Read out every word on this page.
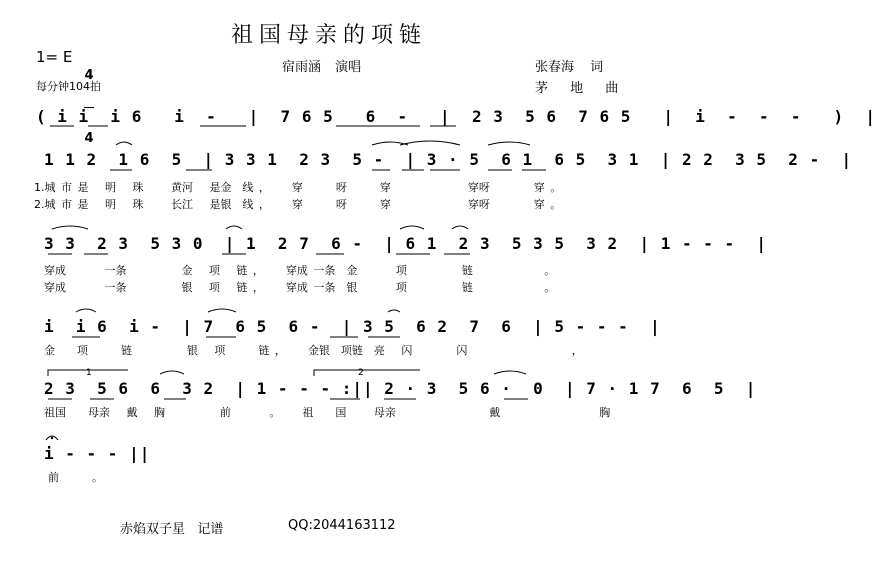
祖国母亲的项链
1= E

4

4

每分钟104拍
宿雨涵 演唱	张春海 词
茅 地 曲
( i i  i 6   i  -   |  7 6 5   6  -   |  2 3  5 6  7 6 5   |  i  -  -  -   )  |
1 1 2  1 6  5  | 3 3 1  2 3  5 -  | 3 · 5  6 1  6 5  3 1  | 2 2  3 5  2 -  |
1.城 市 是   明   珠     黄河   是金  线 ，    穿      呀      穿              穿呀        穿 。
2.城 市 是   明   珠     长江   是银  线 ，    穿      呀      穿              穿呀        穿 。
3 3  2 3  5 3 0  | 1  2 7  6 -  | 6 1  2 3  5 3 5  3 2  | 1 - - -  |
穿成       一条          金   项   链 ，    穿成 一条  金       项          链             。
穿成       一条          银   项   链 ，    穿成 一条  银       项          链             。
i  i 6  i -  | 7  6 5  6 -  | 3 5  6 2  7  6  | 5 - - -  |
金    项      链          银   项      链 ，    金银  项链  亮   闪        闪                   ，
2 3  5 6  6  3 2  | 1 - - - :|| 2 · 3  5 6 ·  0  | 7 · 1 7  6  5  |
祖国    母亲   戴   胸          前       。    祖    国     母亲                 戴                  胸
1	2
i - - - ||
前      。
赤焰双子星   记谱	QQ:2044163112
